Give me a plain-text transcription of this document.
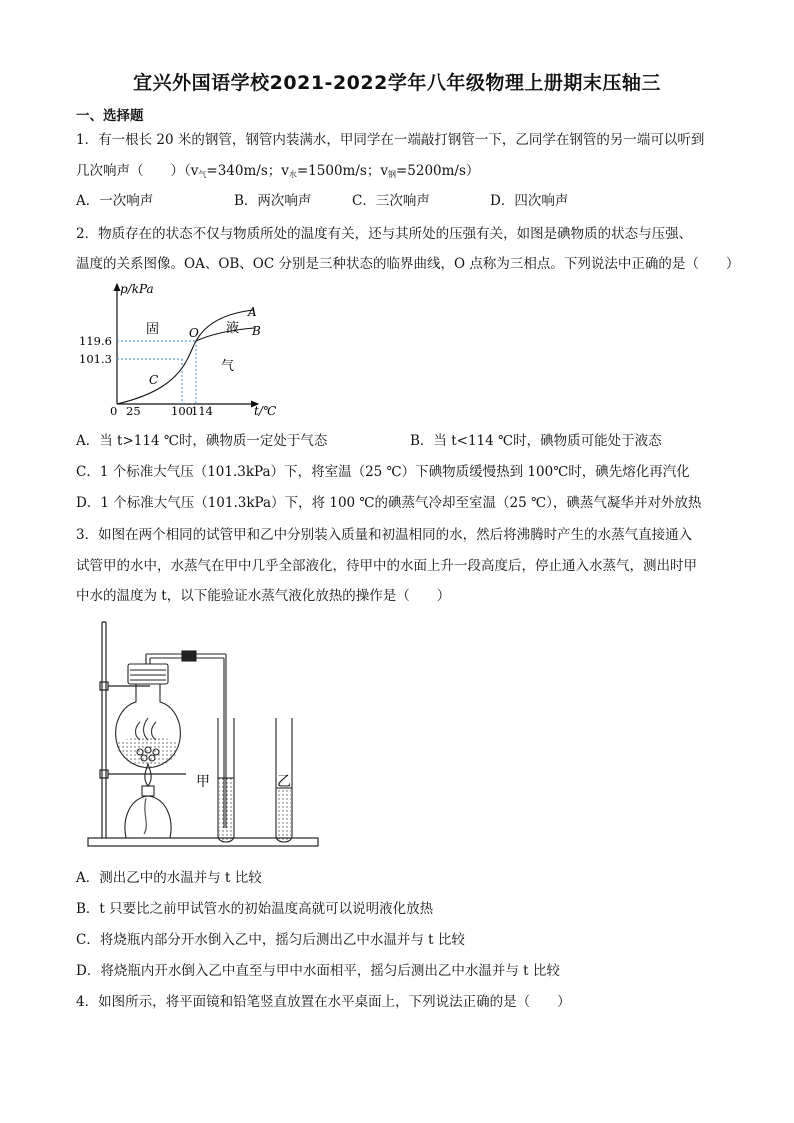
宜兴外国语学校2021-2022学年八年级物理上册期末压轴三
一、选择题
1．有一根长 20 米的钢管，钢管内装满水，甲同学在一端敲打钢管一下，乙同学在钢管的另一端可以听到
几次响声（　　）（$v_气=340m/s$；$v_水=1500m/s$；$v_钢=5200m/s$）
A．一次响声	B．两次响声	C．三次响声	D．四次响声
2．物质存在的状态不仅与物质所处的温度有关，还与其所处的压强有关，如图是碘物质的状态与压强、
温度的关系图像。OA、OB、OC 分别是三种状态的临界曲线，O 点称为三相点。下列说法中正确的是（　　）
p/kPa
t/℃
119.6
101.3
0 25	100
114
固	液
气
A
B
C
O
A．当 t>114 ℃时，碘物质一定处于气态	B．当 t<114 ℃时，碘物质可能处于液态
C．1 个标准大气压（101.3kPa）下，将室温（25 ℃）下碘物质缓慢热到 100℃时，碘先熔化再汽化
D．1 个标准大气压（101.3kPa）下，将 100 ℃的碘蒸气冷却至室温（25 ℃），碘蒸气凝华并对外放热
3．如图在两个相同的试管甲和乙中分别装入质量和初温相同的水，然后将沸腾时产生的水蒸气直接通入
试管甲的水中，水蒸气在甲中几乎全部液化，待甲中的水面上升一段高度后，停止通入水蒸气，测出时甲
中水的温度为 t，以下能验证水蒸气液化放热的操作是（　　）
甲	乙
A．测出乙中的水温并与 t 比较
B．t 只要比之前甲试管水的初始温度高就可以说明液化放热
C．将烧瓶内部分开水倒入乙中，摇匀后测出乙中水温并与 t 比较
D．将烧瓶内开水倒入乙中直至与甲中水面相平，摇匀后测出乙中水温并与 t 比较
4．如图所示，将平面镜和铅笔竖直放置在水平桌面上，下列说法正确的是（　　）
